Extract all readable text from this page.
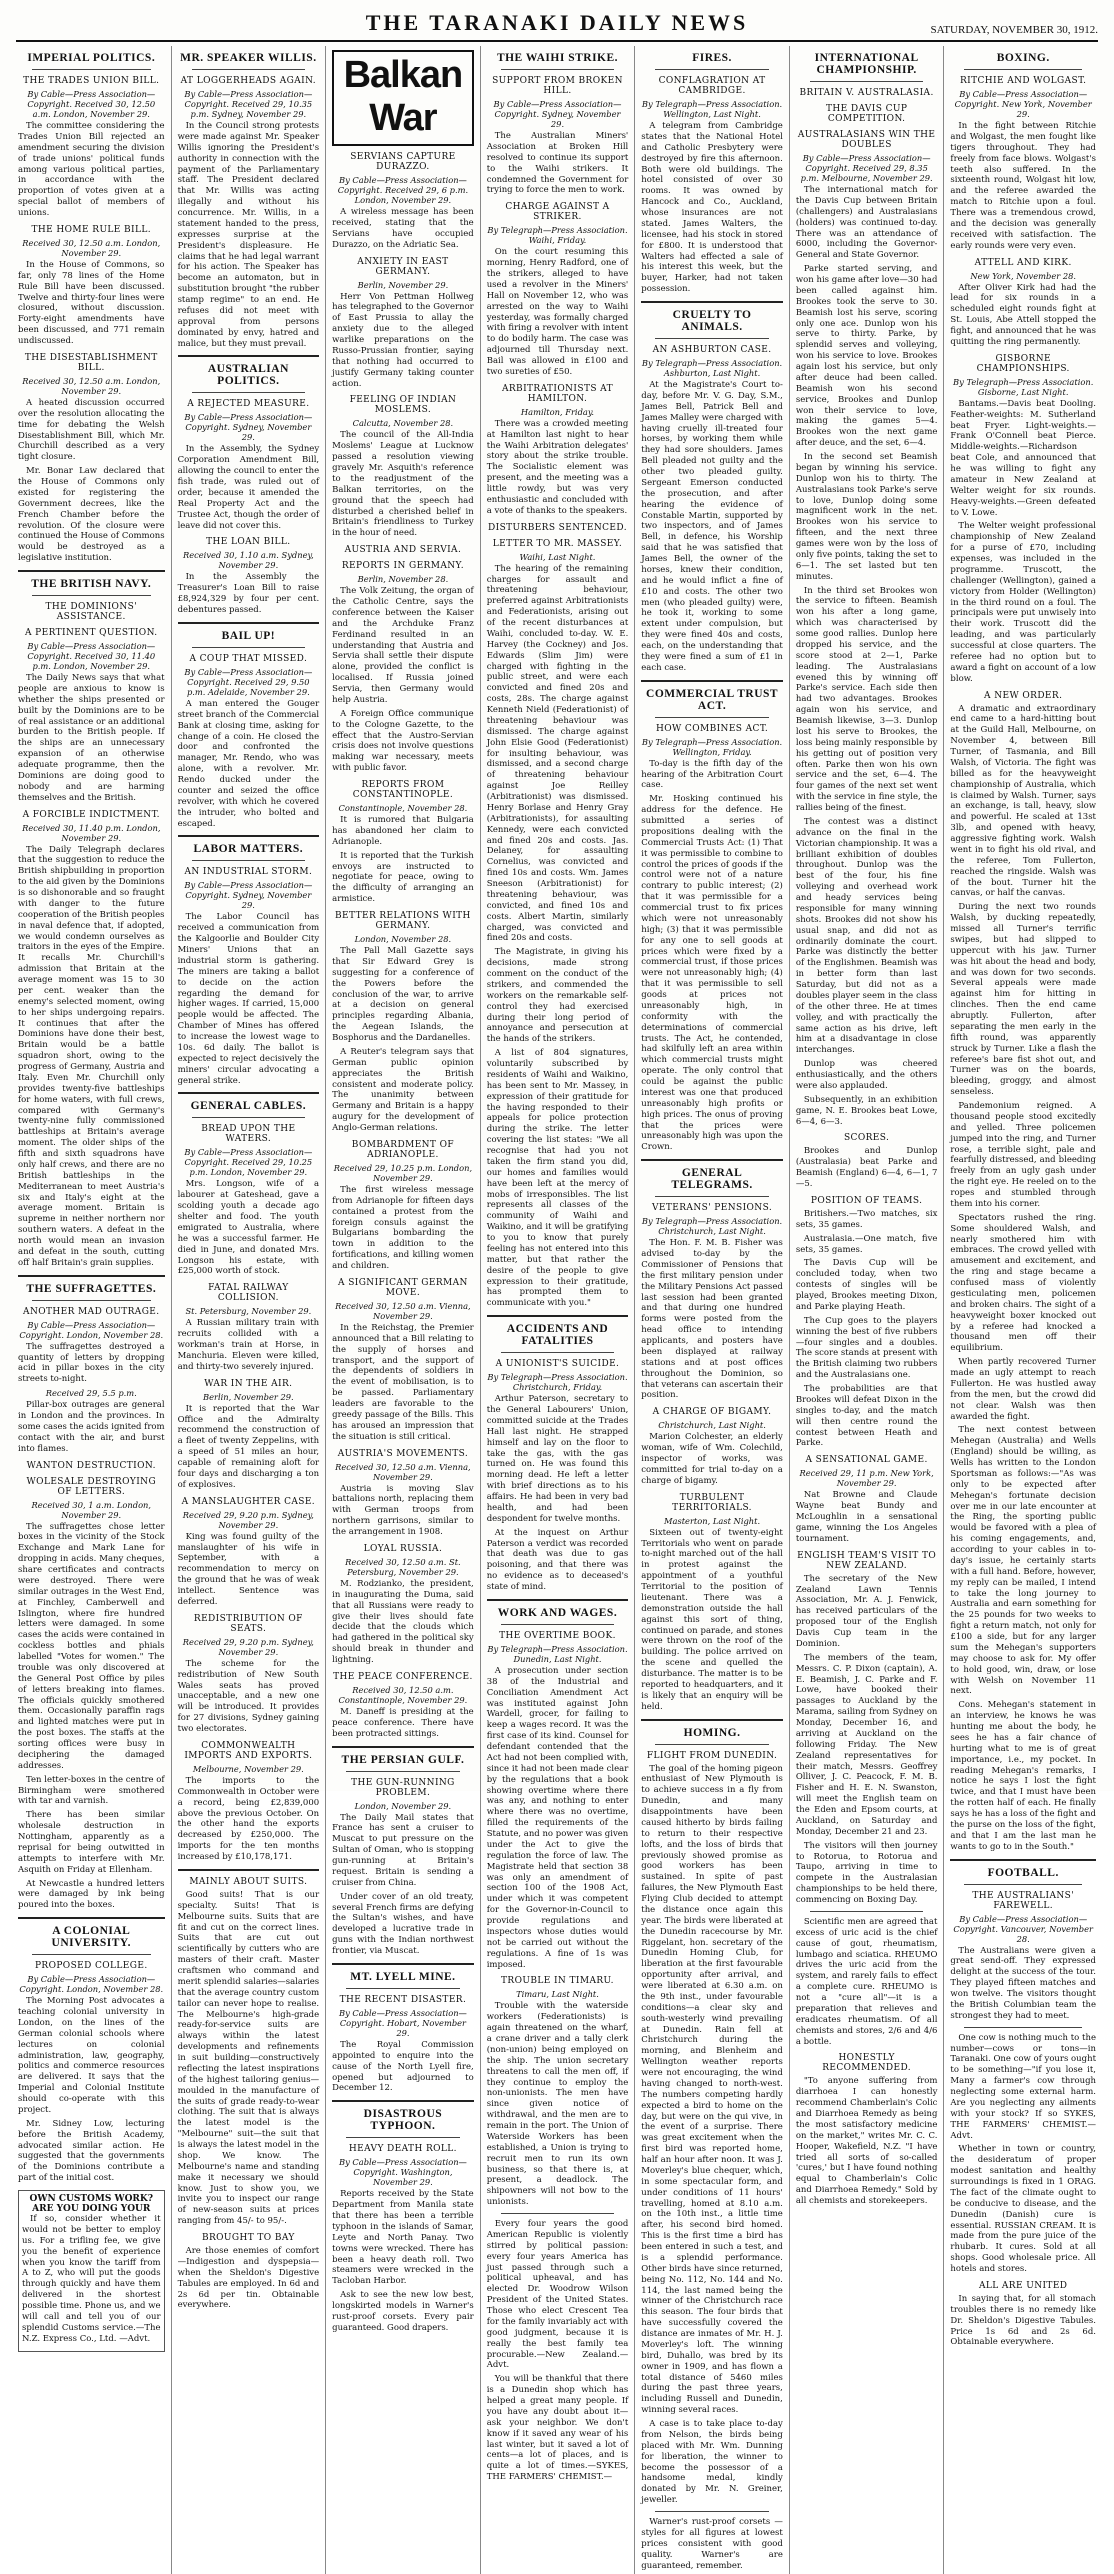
THE TARANAKI DAILY NEWS	SATURDAY, NOVEMBER 30, 1912.
IMPERIAL POLITICS.
THE TRADES UNION BILL.
By Cable—Press Association—Copyright. Received 30, 12.50 a.m. London, November 29.

The committee considering the Trades Union Bill rejected an amendment securing the division of trade unions' political funds among various political parties, in accordance with the proportion of votes given at a special ballot of members of unions.

THE HOME RULE BILL.
Received 30, 12.50 a.m. London, November 29.

In the House of Commons, so far, only 78 lines of the Home Rule Bill have been discussed. Twelve and thirty-four lines were closured, without discussion. Forty-eight amendments have been discussed, and 771 remain undiscussed.

THE DISESTABLISHMENT BILL.
Received 30, 12.50 a.m. London, November 29.

A heated discussion occurred over the resolution allocating the time for debating the Welsh Disestablishment Bill, which Mr. Churchill described as a very tight closure.

Mr. Bonar Law declared that the House of Commons only existed for registering the Government decrees, like the French Chamber before the revolution. Of the closure were continued the House of Commons would be destroyed as a legislative institution.

THE BRITISH NAVY.
THE DOMINIONS' ASSISTANCE.
A PERTINENT QUESTION.
By Cable—Press Association—Copyright. Received 30, 11.40 p.m. London, November 29.

The Daily News says that what people are anxious to know is whether the ships presented or built by the Dominions are to be of real assistance or an additional burden to the British people. If the ships are an unnecessary expansion of an otherwise adequate programme, then the Dominions are doing good to nobody and are harming themselves and the British.

A FORCIBLE INDICTMENT.
Received 30, 11.40 p.m. London, November 29.

The Daily Telegraph declares that the suggestion to reduce the British shipbuilding in proportion to the aid given by the Dominions is so dishonorable and so fraught with danger to the future cooperation of the British peoples in naval defence that, if adopted, we would condemn ourselves as traitors in the eyes of the Empire. It recalls Mr. Churchill's admission that Britain at the average moment was 15 to 30 per cent. weaker than the enemy's selected moment, owing to her ships undergoing repairs. It continues that after the Dominions have done their best, Britain would be a battle squadron short, owing to the progress of Germany, Austria and Italy. Even Mr. Churchill only provides twenty-five battleships for home waters, with full crews, compared with Germany's twenty-nine fully commissioned battleships at Britain's average moment. The older ships of the fifth and sixth squadrons have only half crews, and there are no British battleships in the Mediterranean to meet Austria's six and Italy's eight at the average moment. Britain is supreme in neither northern nor southern waters. A defeat in the north would mean an invasion and defeat in the south, cutting off half Britain's grain supplies.

THE SUFFRAGETTES.
ANOTHER MAD OUTRAGE.
By Cable—Press Association—Copyright. London, November 28.

The suffragettes destroyed a quantity of letters by dropping acid in pillar boxes in the city streets to-night.

Received 29, 5.5 p.m.

Pillar-box outrages are general in London and the provinces. In some cases the acids ignited from contact with the air, and burst into flames.

WANTON DESTRUCTION.
WOLESALE DESTROYING OF LETTERS.
Received 30, 1 a.m. London, November 29.

The suffragettes chose letter boxes in the vicinity of the Stock Exchange and Mark Lane for dropping in acids. Many cheques, share certificates and contracts were destroyed. There were similar outrages in the West End, at Finchley, Camberwell and Islington, where fire hundred letters were damaged. In some cases the acids were contained in cockless bottles and phials labelled "Votes for women." The trouble was only discovered at the General Post Office by piles of letters breaking into flames. The officials quickly smothered them. Occasionally paraffin rags and lighted matches were put in the post boxes. The staffs at the sorting offices were busy in deciphering the damaged addresses.

Ten letter-boxes in the centre of Birmingham were smothered with tar and varnish.

There has been similar wholesale destruction in Nottingham, apparently as a reprisal for being outwitted in attempts to interfere with Mr. Asquith on Friday at Ellenham.

At Newcastle a hundred letters were damaged by ink being poured into the boxes.

A COLONIAL UNIVERSITY.
PROPOSED COLLEGE.
By Cable—Press Association—Copyright. London, November 28.

The Morning Post advocates a teaching colonial university in London, on the lines of the German colonial schools where lectures on colonial administration, law, geography, politics and commerce resources are delivered. It says that the Imperial and Colonial Institute should co-operate with this project.

Mr. Sidney Low, lecturing before the British Academy, advocated similar action. He suggested that the governments of the Dominions contribute a part of the initial cost.

OWN CUSTOMS WORK? ARE YOU DOING YOUR

If so, consider whether it would not be better to employ us. For a trifling fee, we give you the benefit of experience when you know the tariff from A to Z, who will put the goods through quickly and have them delivered in the shortest possible time. Phone us, and we will call and tell you of our splendid Customs service.—The N.Z. Express Co., Ltd. —Advt.

MR. SPEAKER WILLIS.
AT LOGGERHEADS AGAIN.
By Cable—Press Association—Copyright. Received 29, 10.35 p.m. Sydney, November 29.

In the Council strong protests were made against Mr. Speaker Willis ignoring the President's authority in connection with the payment of the Parliamentary staff. The President declared that Mr. Willis was acting illegally and without his concurrence. Mr. Willis, in a statement handed to the press, expresses surprise at the President's displeasure. He claims that he had legal warrant for his action. The Speaker has become an automaton, but in substitution brought "the rubber stamp regime" to an end. He refuses did not meet with approval from persons dominated by envy, hatred and malice, but they must prevail.

AUSTRALIAN POLITICS.
A REJECTED MEASURE.
By Cable—Press Association—Copyright. Sydney, November 29.

In the Assembly, the Sydney Corporation Amendment Bill, allowing the council to enter the fish trade, was ruled out of order, because it amended the Real Property Act and the Trustee Act, though the order of leave did not cover this.

THE LOAN BILL.
Received 30, 1.10 a.m. Sydney, November 29.

In the Assembly the Treasurer's Loan Bill to raise £8,924,329 by four per cent. debentures passed.

BAIL UP!
A COUP THAT MISSED.
By Cable—Press Association—Copyright. Received 29, 9.50 p.m. Adelaide, November 29.

A man entered the Gouger street branch of the Commercial Bank at closing time, asking for change of a coin. He closed the door and confronted the manager, Mr. Rendo, who was alone, with a revolver. Mr. Rendo ducked under the counter and seized the office revolver, with which he covered the intruder, who bolted and escaped.

LABOR MATTERS.
AN INDUSTRIAL STORM.
By Cable—Press Association—Copyright. Sydney, November 29.

The Labor Council has received a communication from the Kalgoorlie and Boulder City Miners' Unions that an industrial storm is gathering. The miners are taking a ballot to decide on the action regarding the demand for higher wages. If carried, 15,000 people would be affected. The Chamber of Mines has offered to increase the lowest wage to 10s. 6d daily. The ballot is expected to reject decisively the miners' circular advocating a general strike.

GENERAL CABLES.
BREAD UPON THE WATERS.
By Cable—Press Association—Copyright. Received 29, 10.25 p.m. London, November 29.

Mrs. Longson, wife of a labourer at Gateshead, gave a scolding youth a decade ago shelter and food. The youth emigrated to Australia, where he was a successful farmer. He died in June, and donated Mrs. Longson his estate, with £25,000 worth of stock.

FATAL RAILWAY COLLISION.
St. Petersburg, November 29.

A Russian military train with recruits collided with a workman's train at Horse, in Manchuria. Eleven were killed, and thirty-two severely injured.

WAR IN THE AIR.
Berlin, November 29.

It is reported that the War Office and the Admiralty recommend the construction of a fleet of twenty Zeppelins, with a speed of 51 miles an hour, capable of remaining aloft for four days and discharging a ton of explosives.

A MANSLAUGHTER CASE.
Received 29, 9.20 p.m. Sydney, November 29.

King was found guilty of the manslaughter of his wife in September, with a recommendation to mercy on the ground that he was of weak intellect. Sentence was deferred.

REDISTRIBUTION OF SEATS.
Received 29, 9.20 p.m. Sydney, November 29.

The scheme for the redistribution of New South Wales seats has proved unacceptable, and a new one will be introduced. It provides for 27 divisions, Sydney gaining two electorates.

COMMONWEALTH IMPORTS AND EXPORTS.
Melbourne, November 29.

The imports to the Commonwealth in October were a record, being £2,839,000 above the previous October. On the other hand the exports decreased by £250,000. The imports for the ten months increased by £10,178,171.

MAINLY ABOUT SUITS.

Good suits! That is our specialty. Suits! That is Melbourne suits. Suits that are fit and cut on the correct lines. Suits that are cut out scientifically by cutters who are masters of their craft. Master craftsmen who command and merit splendid salaries—salaries that the average country custom tailor can never hope to realise. The Melbourne's high-grade ready-for-service suits are always within the latest developments and refinements in suit building—constructively reflecting the latest inspirations of the highest tailoring genius—moulded in the manufacture of the suits of grade ready-to-wear clothing. The suit that is always the latest model is the "Melbourne" suit—the suit that is always the latest model in the shop. We know. The Melbourne's name and standing make it necessary we should know. Just to show you, we invite you to inspect our range of new-season suits at prices ranging from 45/- to 95/-.

BROUGHT TO BAY

Are those enemies of comfort—Indigestion and dyspepsia—when the Sheldon's Digestive Tabules are employed. In 6d and 2s 6d per tin. Obtainable everywhere.

Balkan War
SERVIANS CAPTURE DURAZZO.
By Cable—Press Association—Copyright. Received 29, 6 p.m. London, November 29.

A wireless message has been received, stating that the Servians have occupied Durazzo, on the Adriatic Sea.

ANXIETY IN EAST GERMANY.
Berlin, November 29.

Herr Von Pettman Hollweg has telegraphed to the Governor of East Prussia to allay the anxiety due to the alleged warlike preparations on the Russo-Prussian frontier, saying that nothing had occurred to justify Germany taking counter action.

FEELING OF INDIAN MOSLEMS.
Calcutta, November 28.

The council of the All-India Moslems' League at Lucknow passed a resolution viewing gravely Mr. Asquith's reference to the readjustment of the Balkan territories, on the ground that the speech had disturbed a cherished belief in Britain's friendliness to Turkey in the hour of need.

AUSTRIA AND SERVIA.
REPORTS IN GERMANY.
Berlin, November 28.

The Volk Zeitung, the organ of the Catholic Centre, says the conference between the Kaiser and the Archduke Franz Ferdinand resulted in an understanding that Austria and Servia shall settle their dispute alone, provided the conflict is localised. If Russia joined Servia, then Germany would help Austria.

A Foreign Office communique to the Cologne Gazette, to the effect that the Austro-Servian crisis does not involve questions making war necessary, meets with public favor.

REPORTS FROM CONSTANTINOPLE.
Constantinople, November 28.

It is rumored that Bulgaria has abandoned her claim to Adrianople.

It is reported that the Turkish envoys are instructed to negotiate for peace, owing to the difficulty of arranging an armistice.

BETTER RELATIONS WITH GERMANY.
London, November 28.

The Pall Mall Gazette says that Sir Edward Grey is suggesting for a conference of the Powers before the conclusion of the war, to arrive at a decision on general principles regarding Albania, the Aegean Islands, the Bosphorus and the Dardanelles.

A Reuter's telegram says that German public opinion appreciates the British consistent and moderate policy. The unanimity between Germany and Britain is a happy augury for the development of Anglo-German relations.

BOMBARDMENT OF ADRIANOPLE.
Received 29, 10.25 p.m. London, November 29.

The first wireless message from Adrianople for fifteen days contained a protest from the foreign consuls against the Bulgarians bombarding the town in addition to the fortifications, and killing women and children.

A SIGNIFICANT GERMAN MOVE.
Received 30, 12.50 a.m. Vienna, November 29.

In the Reichstag, the Premier announced that a Bill relating to the supply of horses and transport, and the support of the dependents of soldiers in the event of mobilisation, is to be passed. Parliamentary leaders are favorable to the greedy passage of the Bills. This has aroused an impression that the situation is still critical.

AUSTRIA'S MOVEMENTS.
Received 30, 12.50 a.m. Vienna, November 29.

Austria is moving Slav battalions north, replacing them with German troops from northern garrisons, similar to the arrangement in 1908.

LOYAL RUSSIA.
Received 30, 12.50 a.m. St. Petersburg, November 29.

M. Rodzianko, the president, in inaugurating the Duma, said that all Russians were ready to give their lives should fate decide that the clouds which had gathered in the political sky should break in thunder and lightning.

THE PEACE CONFERENCE.
Received 30, 12.50 a.m. Constantinople, November 29.

M. Daneff is presiding at the peace conference. There have been protracted sittings.

THE PERSIAN GULF.
THE GUN-RUNNING PROBLEM.
London, November 29.

The Daily Mail states that France has sent a cruiser to Muscat to put pressure on the Sultan of Oman, who is stopping gun-running at Britain's request. Britain is sending a cruiser from China.

Under cover of an old treaty, several French firms are defying the Sultan's wishes, and have developed a lucrative trade in guns with the Indian northwest frontier, via Muscat.

MT. LYELL MINE.
THE RECENT DISASTER.
By Cable—Press Association—Copyright. Hobart, November 29.

The Royal Commission appointed to enquire into the cause of the North Lyell fire, opened but adjourned to December 12.

DISASTROUS TYPHOON.
HEAVY DEATH ROLL.
By Cable—Press Association—Copyright. Washington, November 29.

Reports received by the State Department from Manila state that there has been a terrible typhoon in the islands of Samar, Leyte and North Panay. Two towns were wrecked. There has been a heavy death roll. Two steamers were wrecked in the Tacloban Harbor.

Ask to see the new low best, longskirted models in Warner's rust-proof corsets. Every pair guaranteed. Good drapers.

THE WAIHI STRIKE.
SUPPORT FROM BROKEN HILL.
By Cable—Press Association—Copyright. Sydney, November 29.

The Australian Miners' Association at Broken Hill resolved to continue its support to the Waihi strikers. It condemned the Government for trying to force the men to work.

CHARGE AGAINST A STRIKER.
By Telegraph—Press Association. Waihi, Friday.

On the court resuming this morning, Henry Radford, one of the strikers, alleged to have used a revolver in the Miners' Hall on November 12, who was arrested on the way to Waihi yesterday, was formally charged with firing a revolver with intent to do bodily harm. The case was adjourned till Thursday next. Bail was allowed in £100 and two sureties of £50.

ARBITRATIONISTS AT HAMILTON.
Hamilton, Friday.

There was a crowded meeting at Hamilton last night to hear the Waihi Arbitration delegates' story about the strike trouble. The Socialistic element was present, and the meeting was a little rowdy, but was very enthusiastic and concluded with a vote of thanks to the speakers.

DISTURBERS SENTENCED.
LETTER TO MR. MASSEY.
Waihi, Last Night.

The hearing of the remaining charges for assault and threatening behaviour, preferred against Arbitrationists and Federationists, arising out of the recent disturbances at Waihi, concluded to-day. W. E. Harvey (the Cockney) and Jos. Edwards (Slim Jim) were charged with fighting in the public street, and were each convicted and fined 20s and costs, 28s. The charge against Kenneth Nield (Federationist) of threatening behaviour was dismissed. The charge against John Elsie Good (Federationist) for insulting behaviour, was dismissed, and a second charge of threatening behaviour against Joe Reilley (Arbitrationist) was dismissed. Henry Borlase and Henry Gray (Arbitrationists), for assaulting Kennedy, were each convicted and fined 20s and costs. Jas. Delaney, for assaulting Cornelius, was convicted and fined 10s and costs. Wm. James Sneeson (Arbitrationist) for threatening behaviour, was convicted, and fined 10s and costs. Albert Martin, similarly charged, was convicted and fined 20s and costs.

The Magistrate, in giving his decisions, made strong comment on the conduct of the strikers, and commended the workers on the remarkable self-control they had exercised during their long period of annoyance and persecution at the hands of the strikers.

A list of 804 signatures, voluntarily subscribed by residents of Waihi and Waikino, has been sent to Mr. Massey, in expression of their gratitude for the having responded to their appeals for police protection during the strike. The letter covering the list states: "We all recognise that had you not taken the firm stand you did, our homes and families would have been left at the mercy of mobs of irresponsibles. The list represents all classes of the community of Waihi and Waikino, and it will be gratifying to you to know that purely feeling has not entered into this matter, but that rather the desire of the people to give expression to their gratitude, has prompted them to communicate with you."

ACCIDENTS AND FATALITIES
A UNIONIST'S SUICIDE.
By Telegraph—Press Association. Christchurch, Friday.

Arthur Paterson, secretary to the General Labourers' Union, committed suicide at the Trades Hall last night. He strapped himself and lay on the floor to take the gas, with the gas turned on. He was found this morning dead. He left a letter with brief directions as to his affairs. He had been in very bad health, and had been despondent for twelve months.

At the inquest on Arthur Paterson a verdict was recorded that death was due to gas poisoning, and that there was no evidence as to deceased's state of mind.

WORK AND WAGES.
THE OVERTIME BOOK.
By Telegraph—Press Association. Dunedin, Last Night.

A prosecution under section 38 of the Industrial and Conciliation Amendment Act was instituted against John Wardell, grocer, for failing to keep a wages record. It was the first case of its kind. Counsel for defendant contended that the Act had not been complied with, since it had not been made clear by the regulations that a book showing overtime where there was any, and nothing to enter where there was no overtime, filled the requirements of the Statute, and no power was given under the Act to give the regulation the force of law. The Magistrate held that section 38 was only an amendment of section 100 of the 1908 Act, under which it was competent for the Governor-in-Council to provide regulations and inspectors whose duties would not be carried out without the regulations. A fine of 1s was imposed.

TROUBLE IN TIMARU.
Timaru, Last Night.

Trouble with the waterside workers (Federationists) is again threatened on the wharf, a crane driver and a tally clerk (non-union) being employed on the ship. The union secretary threatens to call the men off, if they continue to employ the non-unionists. The men have since given notice of withdrawal, and the men are to remain in the port. The Union of Waterside Workers has been established, a Union is trying to recruit men to run its own business, so that there is, at present, a deadlock. The shipowners will not bow to the unionists.

Every four years the good American Republic is violently stirred by political passion: every four years America has just passed through such a political upheaval, and has elected Dr. Woodrow Wilson President of the United States. Those who elect Crescent Tea for the family invariably act with good judgment, because it is really the best family tea procurable.—New Zealand.—Advt.

You will be thankful that there is a Dunedin shop which has helped a great many people. If you have any doubt about it—ask your neighbor. We don't know if it saved any wear of his last winter, but it saved a lot of cents—a lot of places, and is quite a lot of times.—SYKES, THE FARMERS' CHEMIST.—

FIRES.
CONFLAGRATION AT CAMBRIDGE.
By Telegraph—Press Association. Wellington, Last Night.

A telegram from Cambridge states that the National Hotel and Catholic Presbytery were destroyed by fire this afternoon. Both were old buildings. The hotel consisted of over 30 rooms. It was owned by Hancock and Co., Auckland, whose insurances are not stated. James Walters, the licensee, had his stock in stored for £800. It is understood that Walters had effected a sale of his interest this week, but the buyer, Harker, had not taken possession.

CRUELTY TO ANIMALS.
AN ASHBURTON CASE.
By Telegraph—Press Association. Ashburton, Last Night.

At the Magistrate's Court to-day, before Mr. V. G. Day, S.M., James Bell, Patrick Bell and James Malley were charged with having cruelly ill-treated four horses, by working them while they had sore shoulders. James Bell pleaded not guilty and the other two pleaded guilty. Sergeant Emerson conducted the prosecution, and after hearing the evidence of Constable Martin, supported by two inspectors, and of James Bell, in defence, his Worship said that he was satisfied that James Bell, the owner of the horses, knew their condition, and he would inflict a fine of £10 and costs. The other two men (who pleaded guilty) were, he took it, working to some extent under compulsion, but they were fined 40s and costs, each, on the understanding that they were fined a sum of £1 in each case.

COMMERCIAL TRUST ACT.
HOW COMBINES ACT.
By Telegraph—Press Association. Wellington, Friday.

To-day is the fifth day of the hearing of the Arbitration Court case.

Mr. Hosking continued his address for the defence. He submitted a series of propositions dealing with the Commercial Trusts Act: (1) That it was permissible to combine to control the prices of goods if the control were not of a nature contrary to public interest; (2) that it was permissible for a commercial trust to fix prices which were not unreasonably high; (3) that it was permissible for any one to sell goods at prices which were fixed by a commercial trust, if those prices were not unreasonably high; (4) that it was permissible to sell goods at prices not unreasonably high, in conformity with the determinations of commercial trusts. The Act, he contended, had skilfully left an area within which commercial trusts might operate. The only control that could be against the public interest was one that produced unreasonably high profits or high prices. The onus of proving that the prices were unreasonably high was upon the Crown.

GENERAL TELEGRAMS.
VETERANS' PENSIONS.
By Telegraph—Press Association. Christchurch, Last Night.

The Hon. F. M. B. Fisher was advised to-day by the Commissioner of Pensions that the first military pension under the Military Pensions Act passed last session had been granted and that during one hundred forms were posted from the head office to intending applicants, and posters have been displayed at railway stations and at post offices throughout the Dominion, so that veterans can ascertain their position.

A CHARGE OF BIGAMY.
Christchurch, Last Night.

Marion Colchester, an elderly woman, wife of Wm. Colechild, inspector of works, was committed for trial to-day on a charge of bigamy.

TURBULENT TERRITORIALS.
Masterton, Last Night.

Sixteen out of twenty-eight Territorials who went on parade to-night marched out of the hall in protest against the appointment of a youthful Territorial to the position of lieutenant. There was a demonstration outside the hall against this sort of thing, continued on parade, and stones were thrown on the roof of the building. The police arrived on the scene and quelled the disturbance. The matter is to be reported to headquarters, and it is likely that an enquiry will be held.

HOMING.
FLIGHT FROM DUNEDIN.

The goal of the homing pigeon enthusiast of New Plymouth is to achieve success in a fly from Dunedin, and many disappointments have been caused hitherto by birds failing to return to their respective lofts, and the loss of birds that previously showed promise as good workers has been sustained. In spite of past failures, the New Plymouth East Flying Club decided to attempt the distance once again this year. The birds were liberated at the Dunedin racecourse by Mr. Riggelant, hon. secretary of the Dunedin Homing Club, for liberation at the first favourable opportunity after arrival, and were liberated at 6.30 a.m. on the 9th inst., under favourable conditions—a clear sky and south-westerly wind prevailing at Dunedin. Rain fell at Christchurch during the morning, and Blenheim and Wellington weather reports were not encouraging, the wind having changed to north-west. The numbers competing hardly expected a bird to home on the day, but were on the qui vive, in the event of a surprise. There was great excitement when the first bird was reported home, half an hour after noon. It was J. Moverley's blue chequer, which, in some spectacular form, and under conditions of 11 hours' travelling, homed at 8.10 a.m. on the 10th inst., a little time after, his second bird homed. This is the first time a bird has been entered in such a test, and is a splendid performance. Other birds have since returned, being No. 112, No. 144 and No. 114, the last named being the winner of the Christchurch race this season. The four birds that have successfully covered the distance are inmates of Mr. H. J. Moverley's loft. The winning bird, Duhallo, was bred by its owner in 1909, and has flown a total distance of 5460 miles during the past three years, including Russell and Dunedin, winning several races.

A case is to take place to-day from Nelson, the birds being placed with Mr. Wm. Dunning for liberation, the winner to become the possessor of a handsome medal, kindly donated by Mr. N. Greiner, jeweller.

Warner's rust-proof corsets — styles for all figures at lowest prices consistent with good quality. Warner's are guaranteed, remember.

INTERNATIONAL CHAMPIONSHIP.
BRITAIN V. AUSTRALASIA.
THE DAVIS CUP COMPETITION.
AUSTRALASIANS WIN THE DOUBLES
By Cable—Press Association—Copyright. Received 29, 8.35 p.m. Melbourne, November 29.

The international match for the Davis Cup between Britain (challengers) and Australasians (holders) was continued to-day. There was an attendance of 6000, including the Governor-General and State Governor.

Parke started serving, and won his game after love—30 had been called against him. Brookes took the serve to 30. Beamish lost his serve, scoring only one ace. Dunlop won his serve to thirty. Parke, by splendid serves and volleying, won his service to love. Brookes again lost his service, but only after deuce had been called. Beamish won his second service, Brookes and Dunlop won their service to love, making the games 5—4. Brookes won the next game after deuce, and the set, 6—4.

In the second set Beamish began by winning his service. Dunlop won his to thirty. The Australasians took Parke's serve to love, Dunlop doing some magnificent work in the net. Brookes won his service to fifteen, and the next three games were won by the loss of only five points, taking the set to 6—1. The set lasted but ten minutes.

In the third set Brookes won the service to fifteen. Beamish won his after a long game, which was characterised by some good rallies. Dunlop here dropped his service, and the score stood at 2—1, Parke leading. The Australasians evened this by winning off Parke's service. Each side then had two advantages. Brookes again won his service, and Beamish likewise, 3—3. Dunlop lost his serve to Brookes, the loss being mainly responsible by his getting out of position very often. Parke then won his own service and the set, 6—4. The four games of the next set went with the service in fine style, the rallies being of the finest.

The contest was a distinct advance on the final in the Victorian championship. It was a brilliant exhibition of doubles throughout. Dunlop was the best of the four, his fine volleying and overhead work and heady services being responsible for many winning shots. Brookes did not show his usual snap, and did not as ordinarily dominate the court. Parke was distinctly the better of the Englishmen. Beamish was in better form than last Saturday, but did not as a doubles player seem in the class of the other three. He at times volley, and with practically the same action as his drive, left him at a disadvantage in close interchanges.

Dunlop was cheered enthusiastically, and the others were also applauded.

Subsequently, in an exhibition game, N. E. Brookes beat Lowe, 6—4, 6—3.

SCORES.

Brookes and Dunlop (Australasia) beat Parke and Beamish (England) 6—4, 6—1, 7—5.

POSITION OF TEAMS.

Britishers.—Two matches, six sets, 35 games.

Australasia.—One match, five sets, 35 games.

The Davis Cup will be concluded today, when two contests of singles will be played, Brookes meeting Dixon, and Parke playing Heath.

The Cup goes to the players winning the best of five rubbers—four singles and a doubles. The score stands at present with the British claiming two rubbers and the Australasians one.

The probabilities are that Brookes will defeat Dixon in the singles to-day, and the match will then centre round the contest between Heath and Parke.

A SENSATIONAL GAME.
Received 29, 11 p.m. New York, November 29.

Nat Browne and Claude Wayne beat Bundy and McLoughlin in a sensational game, winning the Los Angeles tournament.

ENGLISH TEAM'S VISIT TO NEW ZEALAND.

The secretary of the New Zealand Lawn Tennis Association, Mr. A. J. Fenwick, has received particulars of the proposed tour of the English Davis Cup team in the Dominion.

The members of the team, Messrs. C. P. Dixon (captain), A. E. Beamish, J. C. Parke and F. Lowe, have booked their passages to Auckland by the Marama, sailing from Sydney on Monday, December 16, and arriving at Auckland on the following Friday. The New Zealand representatives for their match, Messrs. Geoffrey Olliver, J. C. Peacock, F. M. B. Fisher and H. E. N. Swanston, will meet the English team on the Eden and Epsom courts, at Auckland, on Saturday and Monday, December 21 and 23.

The visitors will then journey to Rotorua, to Rotorua and Taupo, arriving in time to compete in the Australasian championships to be held there, commencing on Boxing Day.

Scientific men are agreed that excess of uric acid is the chief cause of gout, rheumatism, lumbago and sciatica. RHEUMO drives the uric acid from the system, and rarely fails to effect a complete cure. RHEUMO is not a "cure all"—it is a preparation that relieves and eradicates rheumatism. Of all chemists and stores, 2/6 and 4/6 a bottle.

HONESTLY RECOMMENDED.

"To anyone suffering from diarrhoea I can honestly recommend Chamberlain's Colic and Diarrhoea Remedy as being the most satisfactory medicine on the market," writes Mr. C. C. Hooper, Wakefield, N.Z. "I have tried all sorts of so-called 'cures,' but I have found nothing equal to Chamberlain's Colic and Diarrhoea Remedy." Sold by all chemists and storekeepers.

BOXING.
RITCHIE AND WOLGAST.
By Cable—Press Association—Copyright. New York, November 29.

In the fight between Ritchie and Wolgast, the men fought like tigers throughout. They had freely from face blows. Wolgast's teeth also suffered. In the sixteenth round, Wolgast hit low, and the referee awarded the match to Ritchie upon a foul. There was a tremendous crowd, and the decision was generally received with satisfaction. The early rounds were very even.

ATTELL AND KIRK.
New York, November 28.

After Oliver Kirk had had the lead for six rounds in a scheduled eight rounds fight at St. Louis, Abe Attell stopped the fight, and announced that he was quitting the ring permanently.

GISBORNE CHAMPIONSHIPS.
By Telegraph—Press Association. Gisborne, Last Night.

Bantams.—Davis beat Dooling. Feather-weights: M. Sutherland beat Fryer. Light-weights.—Frank O'Connell beat Pierce. Middle-weights.—Richardson beat Cole, and announced that he was willing to fight any amateur in New Zealand at Welter weight for six rounds. Heavy-weights.—Green defeated to V. Lowe.

The Welter weight professional championship of New Zealand for a purse of £70, including expenses, was included in the programme. Truscott, the challenger (Wellington), gained a victory from Holder (Wellington) in the third round on a foul. The principals were put unwisely into their work. Truscott did the leading, and was particularly successful at close quarters. The referee had no option but to award a fight on account of a low blow.

A NEW ORDER.

A dramatic and extraordinary end came to a hard-hitting bout at the Guild Hall, Melbourne, on November 4, between Bill Turner, of Tasmania, and Bill Walsh, of Victoria. The fight was billed as for the heavyweight championship of Australia, which is claimed by Walsh. Turner, says an exchange, is tall, heavy, slow and powerful. He scaled at 13st 3lb, and opened with heavy, aggressive fighting work. Walsh went in to fight his old rival, and the referee, Tom Fullerton, reached the ringside. Walsh was of the bout. Turner hit the canvas, or half the canvas.

During the next two rounds Walsh, by ducking repeatedly, missed all Turner's terrific swipes, but had slipped to uppercut with his jaw. Turner was hit about the head and body, and was down for two seconds. Several appeals were made against him for hitting in clinches. Then the end came abruptly. Fullerton, after separating the men early in the fifth round, was apparently struck by Turner. Like a flash the referee's bare fist shot out, and Turner was on the boards, bleeding, groggy, and almost senseless.

Pandemonium reigned. A thousand people stood excitedly and yelled. Three policemen jumped into the ring, and Turner rose, a terrible sight, pale and fearfully distressed, and bleeding freely from an ugly gash under the right eye. He reeled on to the ropes and stumbled through them into his corner.

Spectators rushed the ring. Some shouldered Walsh, and nearly smothered him with embraces. The crowd yelled with amusement and excitement, and the ring and stage became a confused mass of violently gesticulating men, policemen and broken chairs. The sight of a heavyweight boxer knocked out by a referee had knocked a thousand men off their equilibrium.

When partly recovered Turner made an ugly attempt to reach Fullerton. He was hustled away from the men, but the crowd did not clear. Walsh was then awarded the fight.

The next contest between Mehegan (Australia) and Wells (England) should be willing, as Wells has written to the London Sportsman as follows:—"As was only to be expected after Mehegan's fortunate decision over me in our late encounter at the Ring, the sporting public would be favored with a plea of his coming engagements, and, according to your cables in to-day's issue, he certainly starts with a full hand. Before, however, my reply can be mailed, I intend to take the long journey to Australia and earn something for the 25 pounds for two weeks to fight a return match, not only for £100 a side, but for any larger sum the Mehegan's supporters may choose to ask for. My offer to hold good, win, draw, or lose with Welsh on November 11 next.

Cons. Mehegan's statement in an interview, he knows he was hunting me about the body, he sees he has a fair chance of hurting what to me is of great importance, i.e., my pocket. In reading Mehegan's remarks, I notice he says I lost the fight twice, and that I must have been the rotten half of each. He finally says he has a loss of the fight and the purse on the loss of the fight, and that I am the last man he wants to go to in the South."

FOOTBALL.
THE AUSTRALIANS' FAREWELL.
By Cable—Press Association—Copyright. Vancouver, November 28.

The Australians were given a great send-off. They expressed delight at the success of the tour. They played fifteen matches and won twelve. The visitors thought the British Columbian team the strongest they had to meet.

One cow is nothing much to the number—cows or tons—in Taranaki. One cow of yours ought to be something—"if you lose it, Many a farmer's cow through neglecting some external harm. Are you neglecting any ailments with your stock? If so SYKES, THE FARMERS' CHEMIST.—Advt.

Whether in town or country, the desideratum of proper modest sanitation and healthy surroundings is fixed in 1 ORAG. The fact of the climate ought to be conducive to disease, and the Dunedin (Danish) cure is essential. RUSSIAN CREAM. It is made from the pure juice of the rhubarb. It cures. Sold at all shops. Good wholesale price. All hotels and stores.

ALL ARE UNITED

In saying that, for all stomach troubles there is no remedy like Dr. Sheldon's Digestive Tabules. Price 1s 6d and 2s 6d. Obtainable everywhere.
